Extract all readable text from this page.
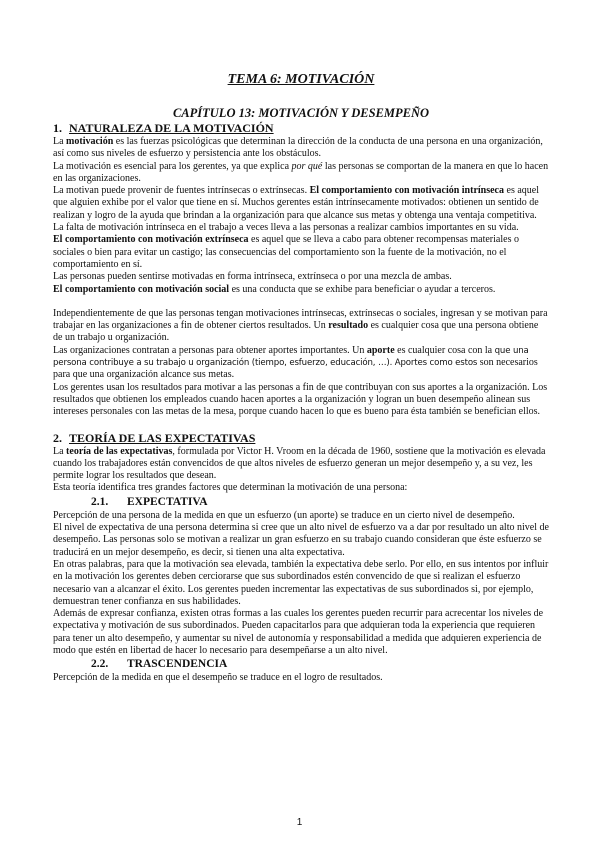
TEMA 6: MOTIVACIÓN
CAPÍTULO 13: MOTIVACIÓN Y DESEMPEÑO
1. NATURALEZA DE LA MOTIVACIÓN

La motivación es las fuerzas psicológicas que determinan la dirección de la conducta de una persona en una organización, así como sus niveles de esfuerzo y persistencia ante los obstáculos.

La motivación es esencial para los gerentes, ya que explica por qué las personas se comportan de la manera en que lo hacen en las organizaciones.

La motivan puede provenir de fuentes intrínsecas o extrínsecas. El comportamiento con motivación intrínseca es aquel que alguien exhibe por el valor que tiene en sí. Muchos gerentes están intrínsecamente motivados: obtienen un sentido de realizan y logro de la ayuda que brindan a la organización para que alcance sus metas y obtenga una ventaja competitiva.

La falta de motivación intrínseca en el trabajo a veces lleva a las personas a realizar cambios importantes en su vida.

El comportamiento con motivación extrínseca es aquel que se lleva a cabo para obtener recompensas materiales o sociales o bien para evitar un castigo; las consecuencias del comportamiento son la fuente de la motivación, no el comportamiento en sí.

Las personas pueden sentirse motivadas en forma intrínseca, extrínseca o por una mezcla de ambas.

El comportamiento con motivación social es una conducta que se exhibe para beneficiar o ayudar a terceros.

Independientemente de que las personas tengan motivaciones intrínsecas, extrínsecas o sociales, ingresan y se motivan para trabajar en las organizaciones a fin de obtener ciertos resultados. Un resultado es cualquier cosa que una persona obtiene de un trabajo u organización.

Las organizaciones contratan a personas para obtener aportes importantes. Un aporte es cualquier cosa con la que una persona contribuye a su trabajo u organización (tiempo, esfuerzo, educación, …). Aportes como estos son necesarios para que una organización alcance sus metas.

Los gerentes usan los resultados para motivar a las personas a fin de que contribuyan con sus aportes a la organización. Los resultados que obtienen los empleados cuando hacen aportes a la organización y logran un buen desempeño alinean sus intereses personales con las metas de la mesa, porque cuando hacen lo que es bueno para ésta también se benefician ellos.

2. TEORÍA DE LAS EXPECTATIVAS

La teoría de las expectativas, formulada por Victor H. Vroom en la década de 1960, sostiene que la motivación es elevada cuando los trabajadores están convencidos de que altos niveles de esfuerzo generan un mejor desempeño y, a su vez, les permite lograr los resultados que desean.

Esta teoría identifica tres grandes factores que determinan la motivación de una persona:

2.1. EXPECTATIVA

Percepción de una persona de la medida en que un esfuerzo (un aporte) se traduce en un cierto nivel de desempeño.

El nivel de expectativa de una persona determina si cree que un alto nivel de esfuerzo va a dar por resultado un alto nivel de desempeño. Las personas solo se motivan a realizar un gran esfuerzo en su trabajo cuando consideran que éste esfuerzo se traducirá en un mejor desempeño, es decir, si tienen una alta expectativa.

En otras palabras, para que la motivación sea elevada, también la expectativa debe serlo. Por ello, en sus intentos por influir en la motivación los gerentes deben cerciorarse que sus subordinados estén convencido de que si realizan el esfuerzo necesario van a alcanzar el éxito. Los gerentes pueden incrementar las expectativas de sus subordinados si, por ejemplo, demuestran tener confianza en sus habilidades.

Además de expresar confianza, existen otras formas a las cuales los gerentes pueden recurrir para acrecentar los niveles de expectativa y motivación de sus subordinados. Pueden capacitarlos para que adquieran toda la experiencia que requieren para tener un alto desempeño, y aumentar su nivel de autonomía y responsabilidad a medida que adquieren experiencia de modo que estén en libertad de hacer lo necesario para desempeñarse a un alto nivel.

2.2. TRASCENDENCIA

Percepción de la medida en que el desempeño se traduce en el logro de resultados.

1
